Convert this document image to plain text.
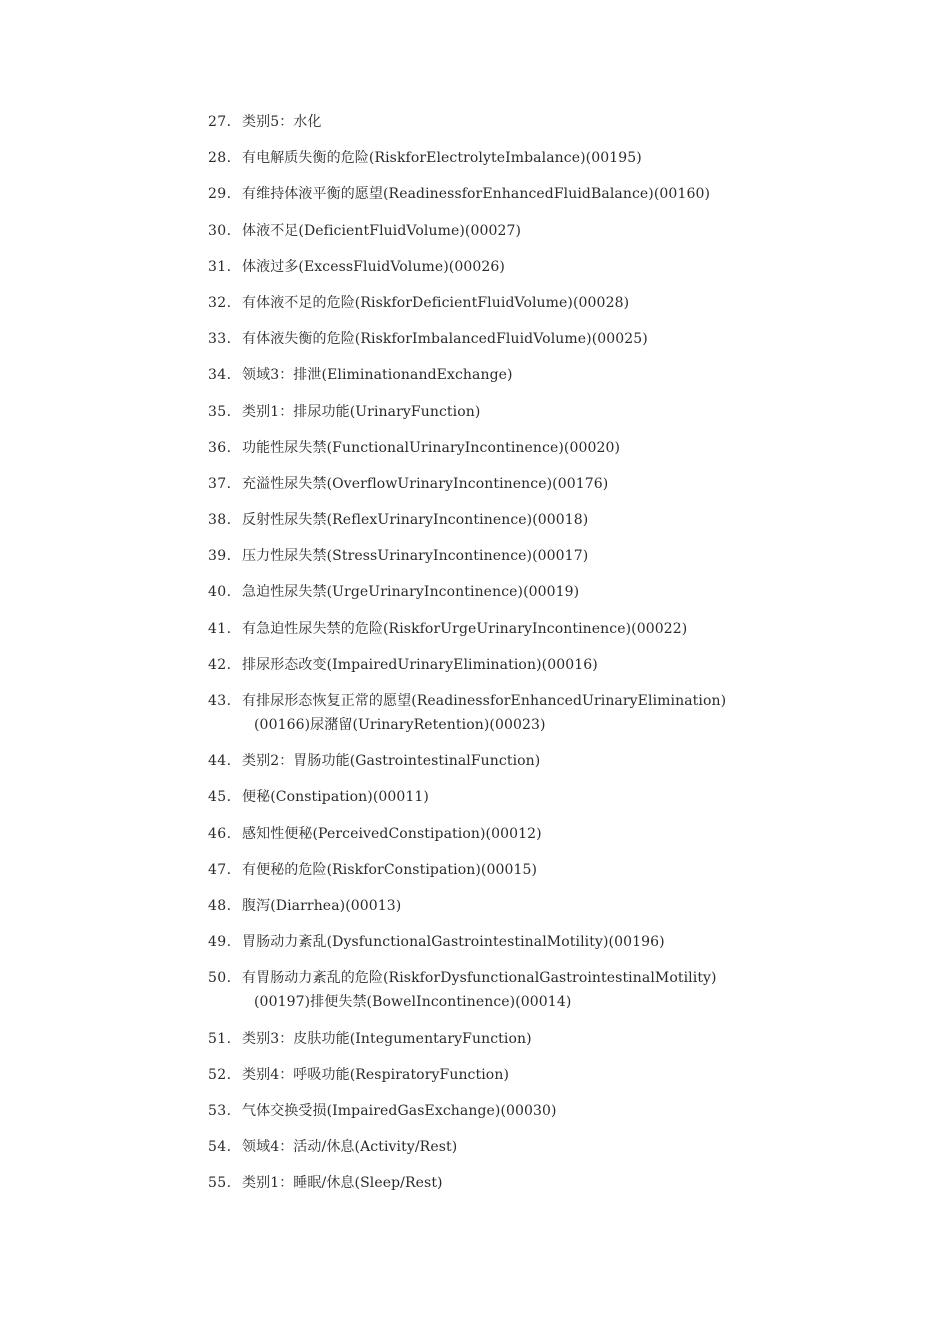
27. 类别5：水化
28. 有电解质失衡的危险(RiskforElectrolyteImbalance)(00195)
29. 有维持体液平衡的愿望(ReadinessforEnhancedFluidBalance)(00160)
30. 体液不足(DeficientFluidVolume)(00027)
31. 体液过多(ExcessFluidVolume)(00026)
32. 有体液不足的危险(RiskforDeficientFluidVolume)(00028)
33. 有体液失衡的危险(RiskforImbalancedFluidVolume)(00025)
34. 领域3：排泄(EliminationandExchange)
35. 类别1：排尿功能(UrinaryFunction)
36. 功能性尿失禁(FunctionalUrinaryIncontinence)(00020)
37. 充溢性尿失禁(OverflowUrinaryIncontinence)(00176)
38. 反射性尿失禁(ReflexUrinaryIncontinence)(00018)
39. 压力性尿失禁(StressUrinaryIncontinence)(00017)
40. 急迫性尿失禁(UrgeUrinaryIncontinence)(00019)
41. 有急迫性尿失禁的危险(RiskforUrgeUrinaryIncontinence)(00022)
42. 排尿形态改变(ImpairedUrinaryElimination)(00016)
43. 有排尿形态恢复正常的愿望(ReadinessforEnhancedUrinaryElimination)
(00166)尿潴留(UrinaryRetention)(00023)
44. 类别2：胃肠功能(GastrointestinalFunction)
45. 便秘(Constipation)(00011)
46. 感知性便秘(PerceivedConstipation)(00012)
47. 有便秘的危险(RiskforConstipation)(00015)
48. 腹泻(Diarrhea)(00013)
49. 胃肠动力紊乱(DysfunctionalGastrointestinalMotility)(00196)
50. 有胃肠动力紊乱的危险(RiskforDysfunctionalGastrointestinalMotility)
(00197)排便失禁(BowelIncontinence)(00014)
51. 类别3：皮肤功能(IntegumentaryFunction)
52. 类别4：呼吸功能(RespiratoryFunction)
53. 气体交换受损(ImpairedGasExchange)(00030)
54. 领域4：活动/休息(Activity/Rest)
55. 类别1：睡眠/休息(Sleep/Rest)
